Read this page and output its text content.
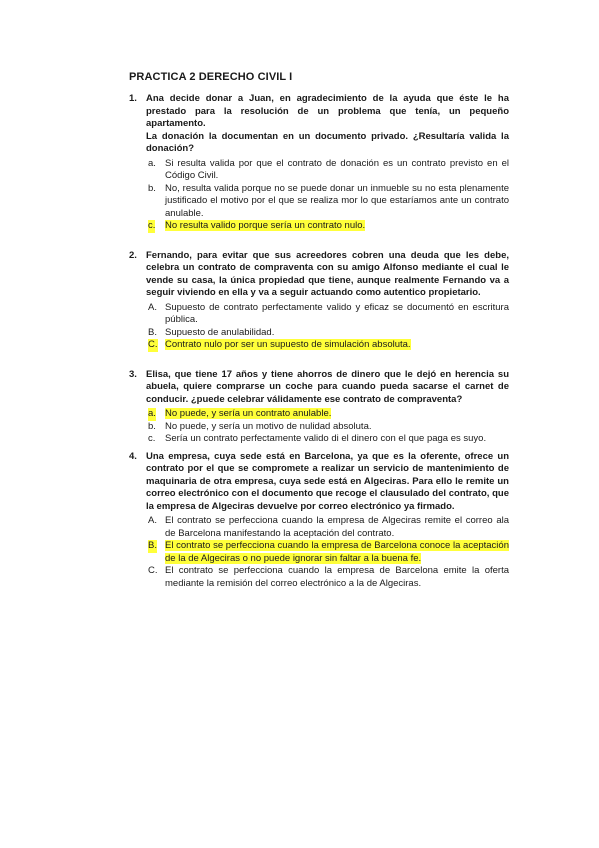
PRACTICA 2 DERECHO CIVIL I
1. Ana decide donar a Juan, en agradecimiento de la ayuda que éste le ha prestado para la resolución de un problema que tenía, un pequeño apartamento.
La donación la documentan en un documento privado. ¿Resultaría valida la donación?

a. Si resulta valida por que el contrato de donación es un contrato previsto en el Código Civil.
b. No, resulta valida porque no se puede donar un inmueble su no esta plenamente justificado el motivo por el que se realiza mor lo que estaríamos ante un contrato anulable.
c. No resulta valido porque sería un contrato nulo.
2. Fernando, para evitar que sus acreedores cobren una deuda que les debe, celebra un contrato de compraventa con su amigo Alfonso mediante el cual le vende su casa, la única propiedad que tiene, aunque realmente Fernando va a seguir viviendo en ella y va a seguir actuando como autentico propietario.

A. Supuesto de contrato perfectamente valido y eficaz se documentó en escritura pública.
B. Supuesto de anulabilidad.
C. Contrato nulo por ser un supuesto de simulación absoluta.
3. Elisa, que tiene 17 años y tiene ahorros de dinero que le dejó en herencia su abuela, quiere comprarse un coche para cuando pueda sacarse el carnet de conducir. ¿puede celebrar válidamente ese contrato de compraventa?

a. No puede, y sería un contrato anulable.
b. No puede, y sería un motivo de nulidad absoluta.
c. Sería un contrato perfectamente valido di el dinero con el que paga es suyo.
4. Una empresa, cuya sede está en Barcelona, ya que es la oferente, ofrece un contrato por el que se compromete a realizar un servicio de mantenimiento de maquinaria de otra empresa, cuya sede está en Algeciras. Para ello le remite un correo electrónico con el documento que recoge el clausulado del contrato, que la empresa de Algeciras devuelve por correo electrónico ya firmado.

A. El contrato se perfecciona cuando la empresa de Algeciras remite el correo ala de Barcelona manifestando la aceptación del contrato.
B. El contrato se perfecciona cuando la empresa de Barcelona conoce la aceptación de la de Algeciras o no puede ignorar sin faltar a la buena fe.
C. El contrato se perfecciona cuando la empresa de Barcelona emite la oferta mediante la remisión del correo electrónico a la de Algeciras.
